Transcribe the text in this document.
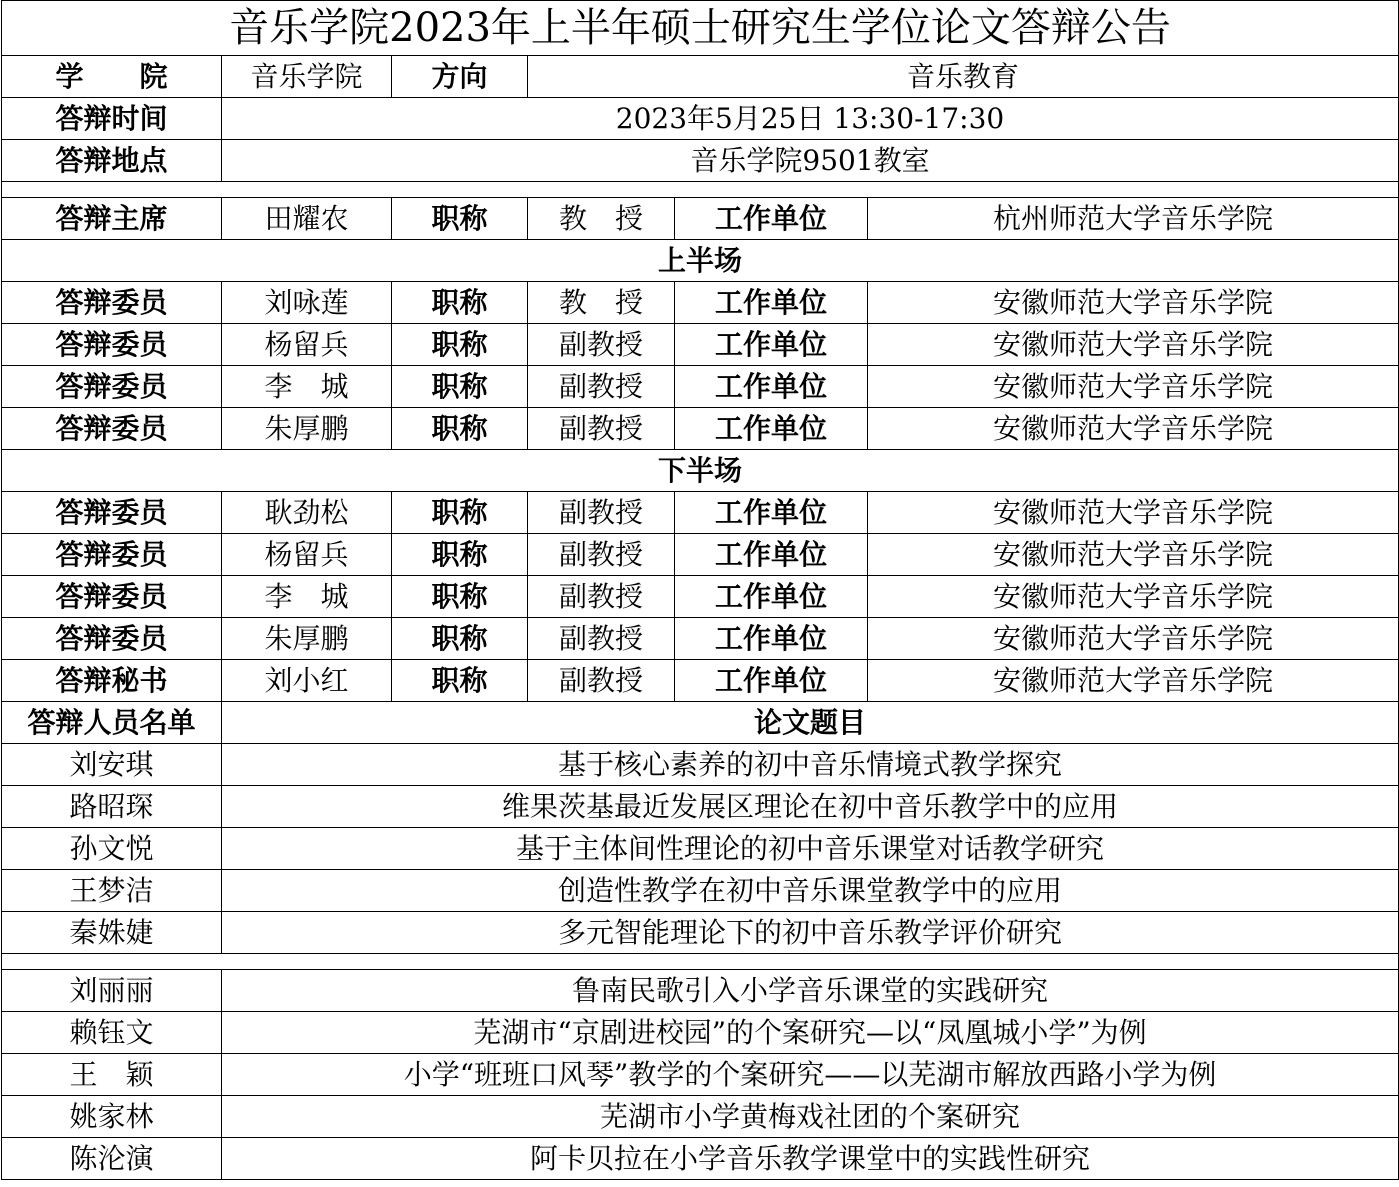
音乐学院2023年上半年硕士研究生学位论文答辩公告					
学　　院	音乐学院	方向	音乐教育		
答辩时间	2023年5月25日 13:30-17:30				
答辩地点	音乐学院9501教室				

答辩主席	田耀农	职称	教　授	工作单位	杭州师范大学音乐学院
上半场					
答辩委员	刘咏莲	职称	教　授	工作单位	安徽师范大学音乐学院
答辩委员	杨留兵	职称	副教授	工作单位	安徽师范大学音乐学院
答辩委员	李　城	职称	副教授	工作单位	安徽师范大学音乐学院
答辩委员	朱厚鹏	职称	副教授	工作单位	安徽师范大学音乐学院
下半场					
答辩委员	耿劲松	职称	副教授	工作单位	安徽师范大学音乐学院
答辩委员	杨留兵	职称	副教授	工作单位	安徽师范大学音乐学院
答辩委员	李　城	职称	副教授	工作单位	安徽师范大学音乐学院
答辩委员	朱厚鹏	职称	副教授	工作单位	安徽师范大学音乐学院
答辩秘书	刘小红	职称	副教授	工作单位	安徽师范大学音乐学院
答辩人员名单	论文题目				
刘安琪	基于核心素养的初中音乐情境式教学探究				
路昭琛	维果茨基最近发展区理论在初中音乐教学中的应用				
孙文悦	基于主体间性理论的初中音乐课堂对话教学研究				
王梦洁	创造性教学在初中音乐课堂教学中的应用				
秦姝婕	多元智能理论下的初中音乐教学评价研究				

刘丽丽	鲁南民歌引入小学音乐课堂的实践研究				
赖钰文	芜湖市“京剧进校园”的个案研究—以“凤凰城小学”为例				
王　颖	小学“班班口风琴”教学的个案研究——以芜湖市解放西路小学为例				
姚家林	芜湖市小学黄梅戏社团的个案研究				
陈沦演	阿卡贝拉在小学音乐教学课堂中的实践性研究				
